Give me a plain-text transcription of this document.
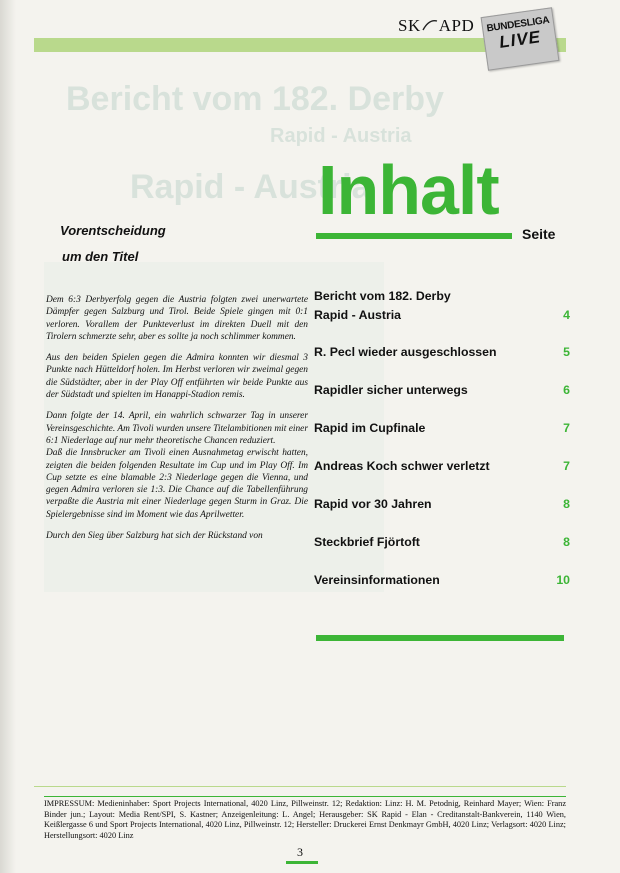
Bericht vom 182. Derby
Rapid - Austria
Rapid - Austria
SK APD	BUNDESLIGA
LIVE
Inhalt
Seite
Vorentscheidung
um den Titel

Dem 6:3 Derbyerfolg gegen die Austria folgten zwei unerwartete Dämpfer gegen Salzburg und Tirol. Beide Spiele gingen mit 0:1 verloren. Vorallem der Punkteverlust im direkten Duell mit den Tirolern schmerzte sehr, aber es sollte ja noch schlimmer kommen.

Aus den beiden Spielen gegen die Admira konnten wir diesmal 3 Punkte nach Hütteldorf holen. Im Herbst verloren wir zweimal gegen die Südstädter, aber in der Play Off entführten wir beide Punkte aus der Südstadt und spielten im Hanappi-Stadion remis.

Dann folgte der 14. April, ein wahrlich schwarzer Tag in unserer Vereinsgeschichte. Am Tivoli wurden unsere Titelambitionen mit einer 6:1 Niederlage auf nur mehr theoretische Chancen reduziert.

Daß die Innsbrucker am Tivoli einen Ausnahmetag erwischt hatten, zeigten die beiden folgenden Resultate im Cup und im Play Off. Im Cup setzte es eine blamable 2:3 Niederlage gegen die Vienna, und gegen Admira verloren sie 1:3. Die Chance auf die Tabellenführung verpaßte die Austria mit einer Niederlage gegen Sturm in Graz. Die Spielergebnisse sind im Moment wie das Aprilwetter.

Durch den Sieg über Salzburg hat sich der Rückstand von

Bericht vom 182. Derby
Rapid - Austria	4
R. Pecl wieder ausgeschlossen	5
Rapidler sicher unterwegs	6
Rapid im Cupfinale	7
Andreas Koch schwer verletzt	7
Rapid vor 30 Jahren	8
Steckbrief Fjörtoft	8
Vereinsinformationen	10
IMPRESSUM: Medieninhaber: Sport Projects International, 4020 Linz, Pillweinstr. 12; Redaktion: Linz: H. M. Petodnig, Reinhard Mayer; Wien: Franz Binder jun.; Layout: Media Rent/SPI, S. Kastner; Anzeigenleitung: L. Angel; Herausgeber: SK Rapid - Elan - Creditanstalt-Bankverein, 1140 Wien, Keißlergasse 6 und Sport Projects International, 4020 Linz, Pillweinstr. 12; Hersteller: Druckerei Ernst Denkmayr GmbH, 4020 Linz; Verlagsort: 4020 Linz; Herstellungsort: 4020 Linz
3
